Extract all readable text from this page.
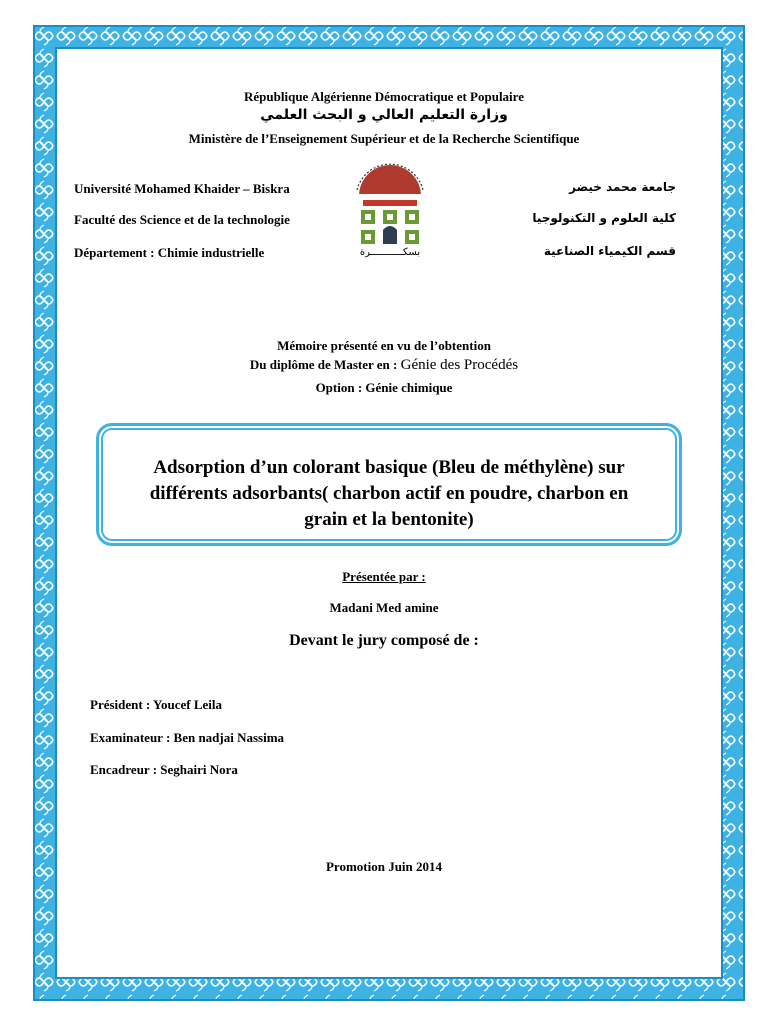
République Algérienne Démocratique et Populaire
وزارة التعليم العالي و البحث العلمي
Ministère de l’Enseignement Supérieur et de la Recherche Scientifique
Université Mohamed Khaider – Biskra
Faculté des Science et de la technologie
Département : Chimie industrielle
جامعة محمد خيضر
كلية العلوم و التكنولوجيا
قسم الكيمياء الصناعية
بسكـــــــــــرة
Mémoire présenté en vu de l’obtention
Du diplôme de Master en : Génie des Procédés
Option : Génie chimique
Adsorption d’un colorant basique (Bleu de méthylène) sur
différents adsorbants( charbon actif en poudre, charbon en
grain et la bentonite)
Présentée par :
Madani Med amine
Devant le jury composé de :
Président : Youcef Leila
Examinateur : Ben nadjai Nassima
Encadreur : Seghairi Nora
Promotion Juin 2014
